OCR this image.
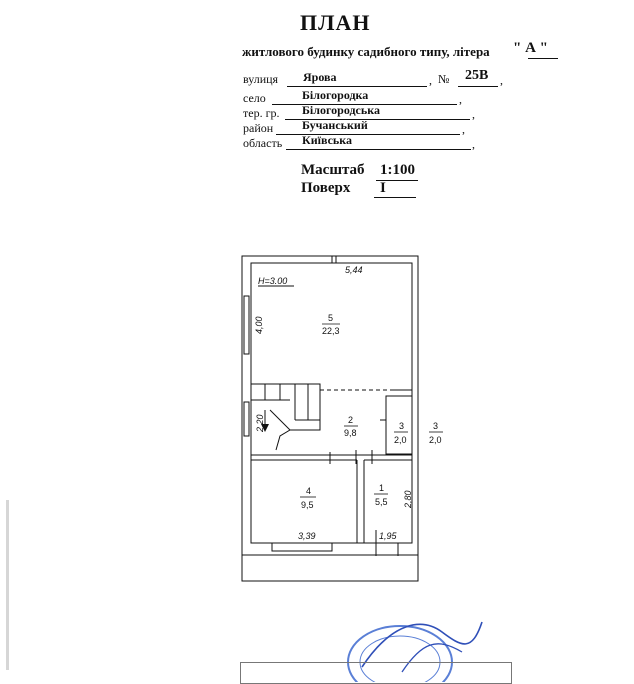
ПЛАН
житлового будинку садибного типу, літера " А "
вулиця Ярова	, № 25В ,
село	Білогородка	,
тер. гр. Білогородська	,
район Бучанський	,
область Київська	,
Масштаб 1:100
Поверх I
H=3.00
5,44
4,00
2,20
2,80
3,39	1,95
5
22,3
2
9,8
3
2,0
3
2,0
4
9,5
1
5,5
